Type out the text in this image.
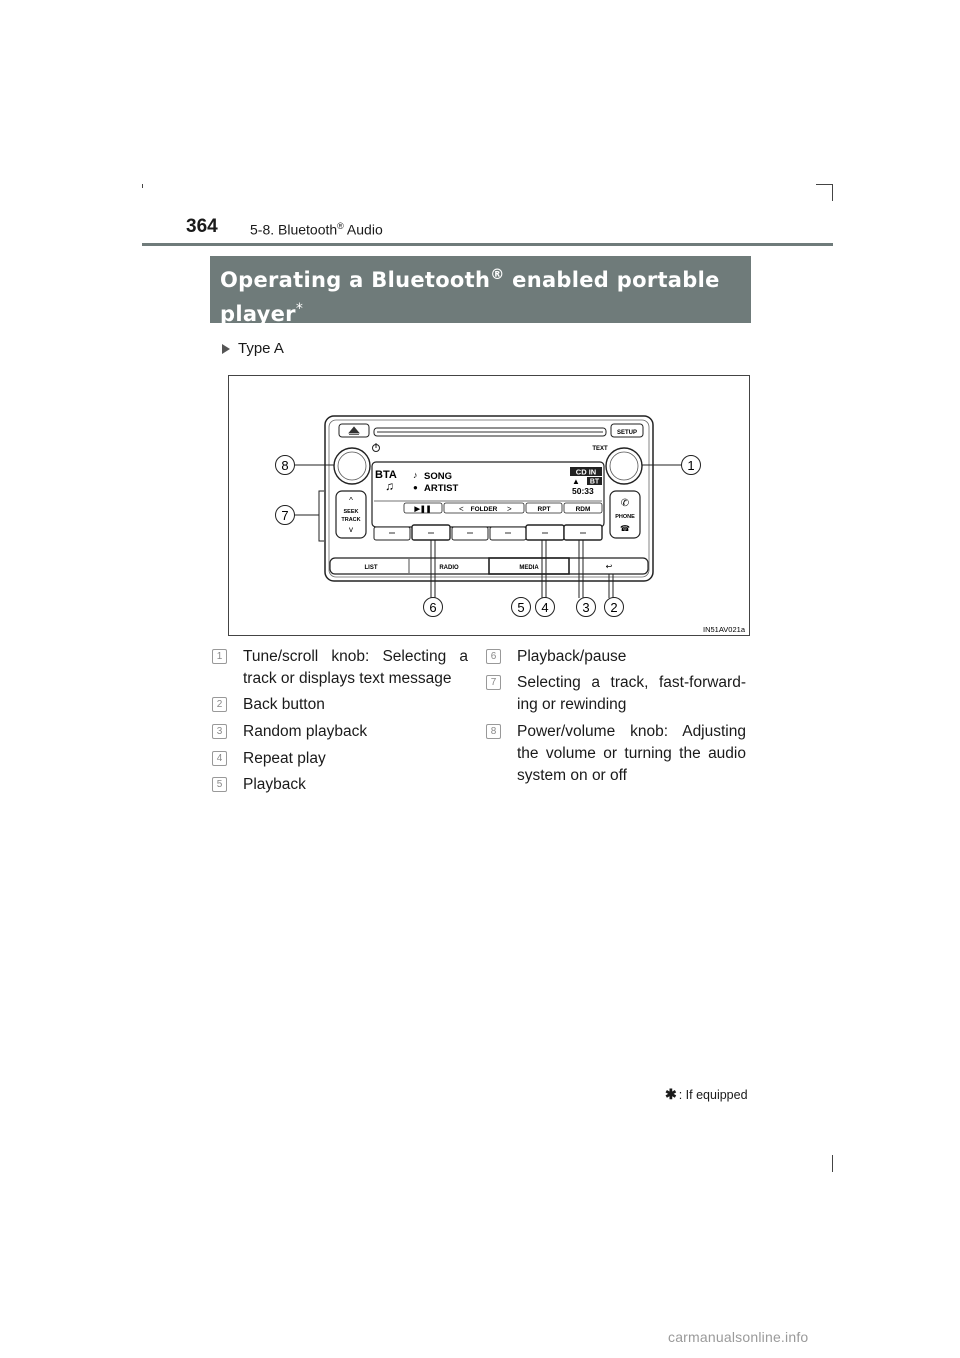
364 5-8. Bluetooth® Audio
Operating a Bluetooth® enabled portable
player*
Type A
SETUP
TEXT
BTA
♫
♪ SONG
● ARTIST
CD IN
▲ BT
50:33
▶❚❚	< FOLDER >	RPT	RDM
^
SEEK
TRACK
v
✆
PHONE
☎
LIST	RADIO	MEDIA	↩
1
2
3
4
5
6
7
8
IN51AV021a
1	Tune/scroll knob: Selecting a track or displays text message
2	Back button
3	Random playback
4	Repeat play
5	Playback
6	Playback/pause
7	Selecting a track, fast-forward-ing or rewinding
8	Power/volume knob: Adjusting the volume or turning the audio system on or off
✱ : If equipped
carmanualsonline.info
